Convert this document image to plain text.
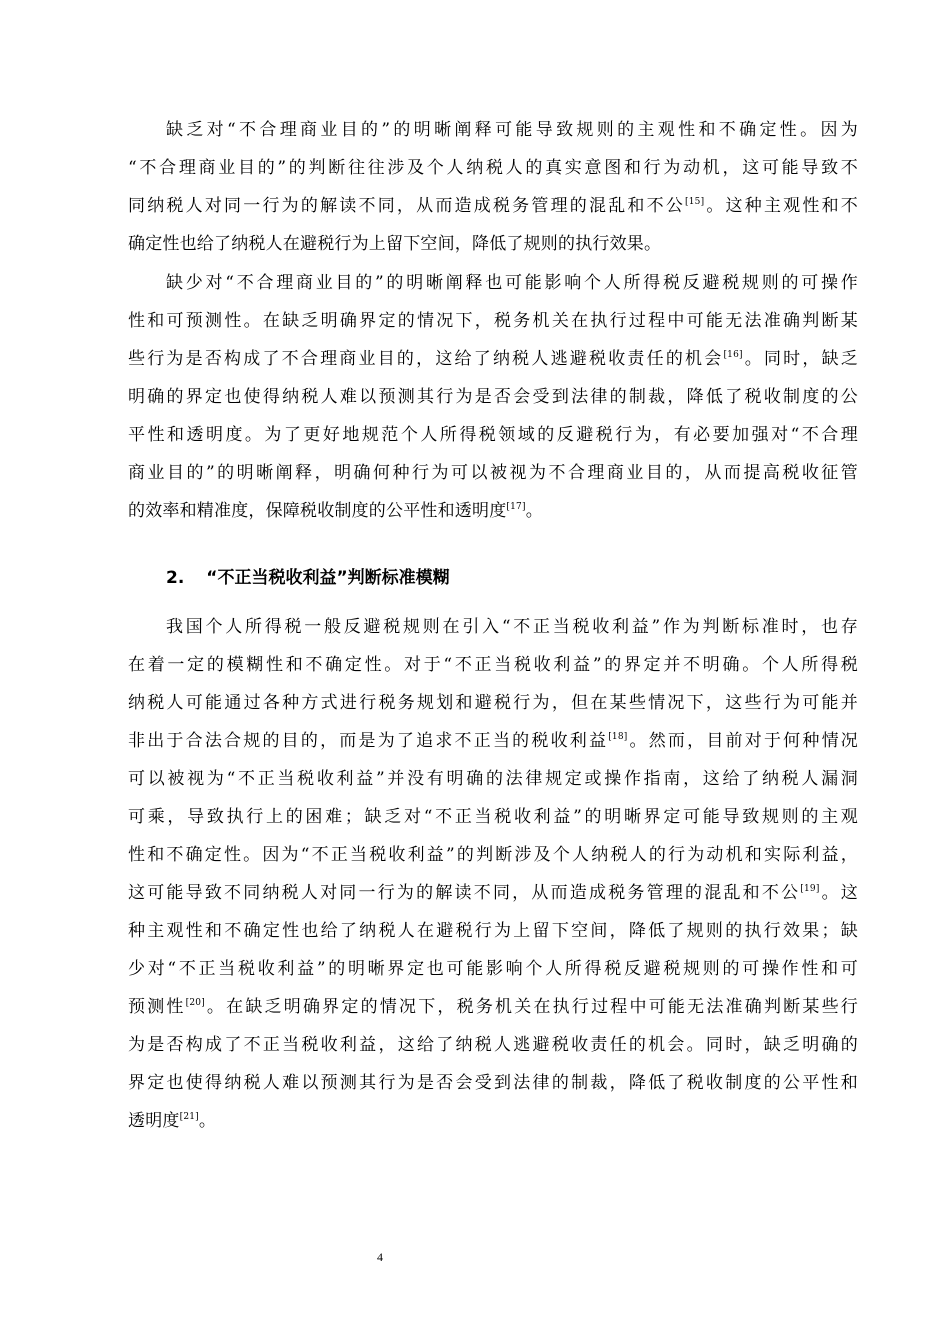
缺乏对“不合理商业目的”的明晰阐释可能导致规则的主观性和不确定性。因为
“不合理商业目的”的判断往往涉及个人纳税人的真实意图和行为动机，这可能导致不
同纳税人对同一行为的解读不同，从而造成税务管理的混乱和不公[15]。这种主观性和不
确定性也给了纳税人在避税行为上留下空间，降低了规则的执行效果。
缺少对“不合理商业目的”的明晰阐释也可能影响个人所得税反避税规则的可操作
性和可预测性。在缺乏明确界定的情况下，税务机关在执行过程中可能无法准确判断某
些行为是否构成了不合理商业目的，这给了纳税人逃避税收责任的机会[16]。同时，缺乏
明确的界定也使得纳税人难以预测其行为是否会受到法律的制裁，降低了税收制度的公
平性和透明度。为了更好地规范个人所得税领域的反避税行为，有必要加强对“不合理
商业目的”的明晰阐释，明确何种行为可以被视为不合理商业目的，从而提高税收征管
的效率和精准度，保障税收制度的公平性和透明度[17]。
2. “不正当税收利益”判断标准模糊
我国个人所得税一般反避税规则在引入“不正当税收利益”作为判断标准时，也存
在着一定的模糊性和不确定性。对于“不正当税收利益”的界定并不明确。个人所得税
纳税人可能通过各种方式进行税务规划和避税行为，但在某些情况下，这些行为可能并
非出于合法合规的目的，而是为了追求不正当的税收利益[18]。然而，目前对于何种情况
可以被视为“不正当税收利益”并没有明确的法律规定或操作指南，这给了纳税人漏洞
可乘，导致执行上的困难；缺乏对“不正当税收利益”的明晰界定可能导致规则的主观
性和不确定性。因为“不正当税收利益”的判断涉及个人纳税人的行为动机和实际利益，
这可能导致不同纳税人对同一行为的解读不同，从而造成税务管理的混乱和不公[19]。这
种主观性和不确定性也给了纳税人在避税行为上留下空间，降低了规则的执行效果；缺
少对“不正当税收利益”的明晰界定也可能影响个人所得税反避税规则的可操作性和可
预测性[20]。在缺乏明确界定的情况下，税务机关在执行过程中可能无法准确判断某些行
为是否构成了不正当税收利益，这给了纳税人逃避税收责任的机会。同时，缺乏明确的
界定也使得纳税人难以预测其行为是否会受到法律的制裁，降低了税收制度的公平性和
透明度[21]。
4
